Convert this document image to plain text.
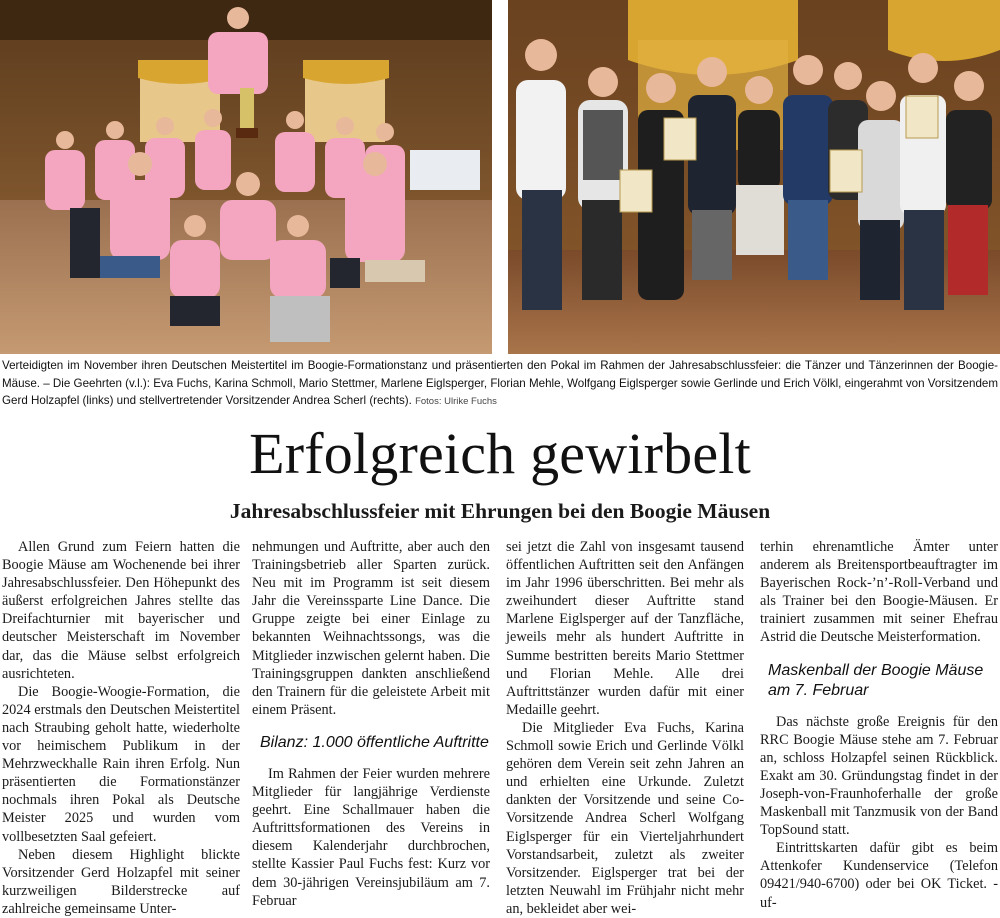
Verteidigten im November ihren Deutschen Meistertitel im Boogie-Formationstanz und präsentierten den Pokal im Rahmen der Jahresabschlussfeier: die Tänzer und Tänzerinnen der Boogie-Mäuse. – Die Geehrten (v.l.): Eva Fuchs, Karina Schmoll, Mario Stettmer, Marlene Eiglsperger, Florian Mehle, Wolfgang Eiglsperger sowie Gerlinde und Erich Völkl, eingerahmt von Vorsitzendem Gerd Holzapfel (links) und stellvertretender Vorsitzender Andrea Scherl (rechts). Fotos: Ulrike Fuchs
Erfolgreich gewirbelt
Jahresabschlussfeier mit Ehrungen bei den Boogie Mäusen

Allen Grund zum Feiern hatten die Boogie Mäuse am Wochenende bei ihrer Jahresabschlussfeier. Den Höhepunkt des äußerst erfolgreichen Jahres stellte das Dreifachturnier mit bayerischer und deutscher Meisterschaft im November dar, das die Mäuse selbst erfolgreich ausrichteten.

Die Boogie-Woogie-Formation, die 2024 erstmals den Deutschen Meistertitel nach Straubing geholt hatte, wiederholte vor heimischem Publikum in der Mehrzweckhalle Rain ihren Erfolg. Nun präsentierten die Formationstänzer nochmals ihren Pokal als Deutsche Meister 2025 und wurden vom vollbesetzten Saal gefeiert.

Neben diesem Highlight blickte Vorsitzender Gerd Holzapfel mit seiner kurzweiligen Bilderstrecke auf zahlreiche gemeinsame Unter-

nehmungen und Auftritte, aber auch den Trainingsbetrieb aller Sparten zurück. Neu mit im Programm ist seit diesem Jahr die Vereinssparte Line Dance. Die Gruppe zeigte bei einer Einlage zu bekannten Weihnachtssongs, was die Mitglieder inzwischen gelernt haben. Die Trainingsgruppen dankten anschließend den Trainern für die geleistete Arbeit mit einem Präsent.

Bilanz: 1.000 öffentliche Auftritte

Im Rahmen der Feier wurden mehrere Mitglieder für langjährige Verdienste geehrt. Eine Schallmauer haben die Auftrittsformationen des Vereins in diesem Kalenderjahr durchbrochen, stellte Kassier Paul Fuchs fest: Kurz vor dem 30-jährigen Vereinsjubiläum am 7. Februar

sei jetzt die Zahl von insgesamt tausend öffentlichen Auftritten seit den Anfängen im Jahr 1996 überschritten. Bei mehr als zweihundert dieser Auftritte stand Marlene Eiglsperger auf der Tanzfläche, jeweils mehr als hundert Auftritte in Summe bestritten bereits Mario Stettmer und Florian Mehle. Alle drei Auftrittstänzer wurden dafür mit einer Medaille geehrt.

Die Mitglieder Eva Fuchs, Karina Schmoll sowie Erich und Gerlinde Völkl gehören dem Verein seit zehn Jahren an und erhielten eine Urkunde. Zuletzt dankten der Vorsitzende und seine Co-Vorsitzende Andrea Scherl Wolfgang Eiglsperger für ein Vierteljahrhundert Vorstandsarbeit, zuletzt als zweiter Vorsitzender. Eiglsperger trat bei der letzten Neuwahl im Frühjahr nicht mehr an, bekleidet aber wei-

terhin ehrenamtliche Ämter unter anderem als Breitensportbeauftragter im Bayerischen Rock-’n’-Roll-Verband und als Trainer bei den Boogie-Mäusen. Er trainiert zusammen mit seiner Ehefrau Astrid die Deutsche Meisterformation.

Maskenball der Boogie Mäuse am 7. Februar

Das nächste große Ereignis für den RRC Boogie Mäuse stehe am 7. Februar an, schloss Holzapfel seinen Rückblick. Exakt am 30. Gründungstag findet in der Joseph-von-Fraunhoferhalle der große Maskenball mit Tanzmusik von der Band TopSound statt.

Eintrittskarten dafür gibt es beim Attenkofer Kundenservice (Telefon 09421/940-6700) oder bei OK Ticket. -uf-
